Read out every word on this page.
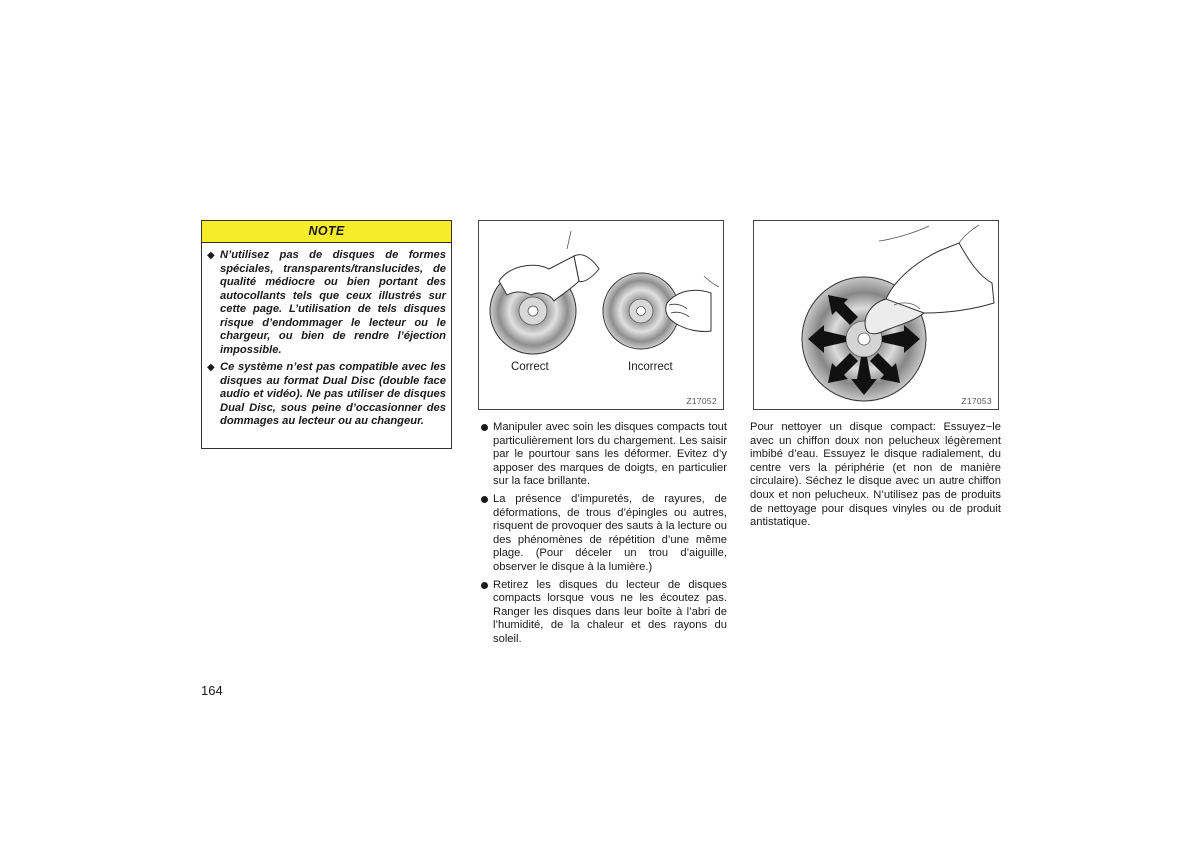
NOTE
◆ N’utilisez pas de disques de formes spéciales, transparents/translucides, de qualité médiocre ou bien portant des autocollants tels que ceux illustrés sur cette page. L’utilisation de tels disques risque d’endommager le lecteur ou le chargeur, ou bien de rendre l’éjection impossible.
◆ Ce système n’est pas compatible avec les disques au format Dual Disc (double face audio et vidéo). Ne pas utiliser de disques Dual Disc, sous peine d’occasionner des dommages au lecteur ou au changeur.
Correct	Incorrect
Z17052	Z17053
Manipuler avec soin les disques compacts tout particulièrement lors du chargement. Les saisir par le pourtour sans les déformer. Evitez d’y apposer des marques de doigts, en particulier sur la face brillante.
La présence d’impuretés, de rayures, de déformations, de trous d’épingles ou autres, risquent de provoquer des sauts à la lecture ou des phénomènes de répétition d’une même plage. (Pour déceler un trou d’aiguille, observer le disque à la lumière.)
Retirez les disques du lecteur de disques compacts lorsque vous ne les écoutez pas. Ranger les disques dans leur boîte à l’abri de l’humidité, de la chaleur et des rayons du soleil.
Pour nettoyer un disque compact: Essuyez−le avec un chiffon doux non pelucheux légèrement imbibé d’eau. Essuyez le disque radialement, du centre vers la périphérie (et non de manière circulaire). Séchez le disque avec un autre chiffon doux et non pelucheux. N’utilisez pas de produits de nettoyage pour disques vinyles ou de produit antistatique.
164
